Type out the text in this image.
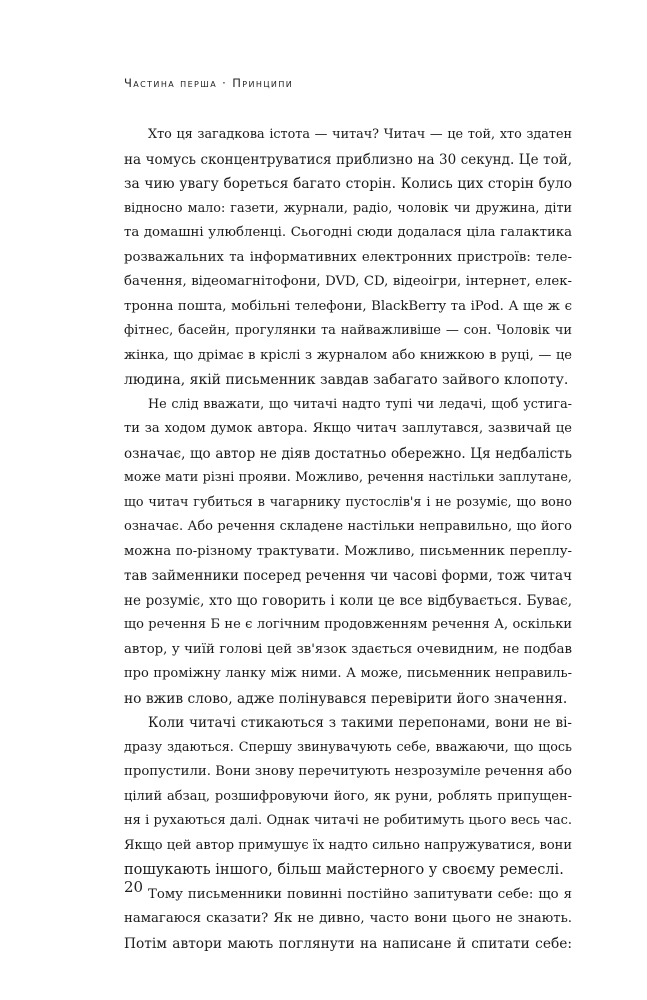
Частина перша · Принципи
Хто ця загадкова істота — читач? Читач — це той, хто здатен
на чомусь сконцентруватися приблизно на 30 секунд. Це той,
за чию увагу бореться багато сторін. Колись цих сторін було
відносно мало: газети, журнали, радіо, чоловік чи дружина, діти
та домашні улюбленці. Сьогодні сюди додалася ціла галактика
розважальних та інформативних електронних пристроїв: теле-
бачення, відеомагнітофони, DVD, CD, відеоігри, інтернет, елек-
тронна пошта, мобільні телефони, BlackBerry та iPod. А ще ж є
фітнес, басейн, прогулянки та найважливіше — сон. Чоловік чи
жінка, що дрімає в кріслі з журналом або книжкою в руці, — це
людина, якій письменник завдав забагато зайвого клопоту.
Не слід вважати, що читачі надто тупі чи ледачі, щоб устига-
ти за ходом думок автора. Якщо читач заплутався, зазвичай це
означає, що автор не діяв достатньо обережно. Ця недбалість
може мати різні прояви. Можливо, речення настільки заплутане,
що читач губиться в чагарнику пустослів'я і не розуміє, що воно
означає. Або речення складене настільки неправильно, що його
можна по-різному трактувати. Можливо, письменник переплу-
тав займенники посеред речення чи часові форми, тож читач
не розуміє, хто що говорить і коли це все відбувається. Буває,
що речення Б не є логічним продовженням речення А, оскільки
автор, у чиїй голові цей зв'язок здається очевидним, не подбав
про проміжну ланку між ними. А може, письменник неправиль-
но вжив слово, адже полінувався перевірити його значення.
Коли читачі стикаються з такими перепонами, вони не ві-
дразу здаються. Спершу звинувачують себе, вважаючи, що щось
пропустили. Вони знову перечитують незрозуміле речення або
цілий абзац, розшифровуючи його, як руни, роблять припущен-
ня і рухаються далі. Однак читачі не робитимуть цього весь час.
Якщо цей автор примушує їх надто сильно напружуватися, вони
пошукають іншого, більш майстерного у своєму ремеслі.
Тому письменники повинні постійно запитувати себе: що я
намагаюся сказати? Як не дивно, часто вони цього не знають.
Потім автори мають поглянути на написане й спитати себе:
20
